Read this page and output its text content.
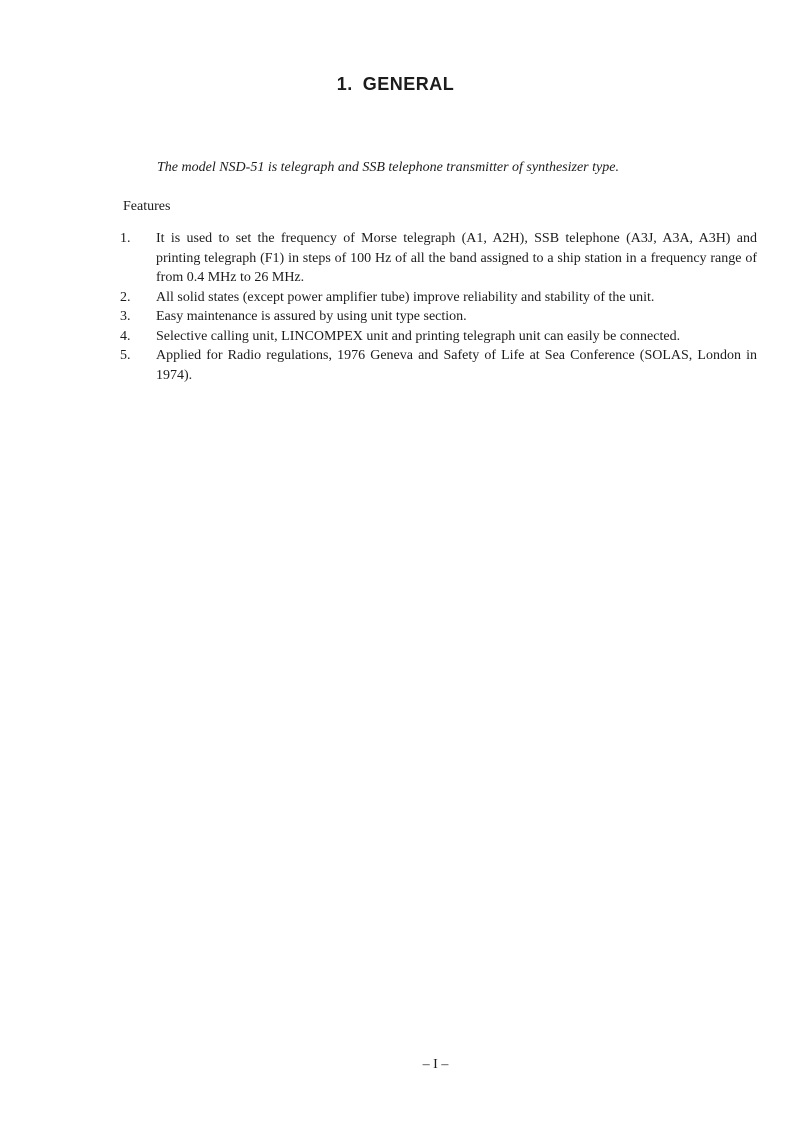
1. GENERAL
The model NSD-51 is telegraph and SSB telephone transmitter of synthesizer type.
Features
1.	It is used to set the frequency of Morse telegraph (A1, A2H), SSB telephone (A3J, A3A, A3H) and printing telegraph (F1) in steps of 100 Hz of all the band assigned to a ship station in a frequency range of from 0.4 MHz to 26 MHz.
2.	All solid states (except power amplifier tube) improve reliability and stability of the unit.
3.	Easy maintenance is assured by using unit type section.
4.	Selective calling unit, LINCOMPEX unit and printing telegraph unit can easily be connected.
5.	Applied for Radio regulations, 1976 Geneva and Safety of Life at Sea Conference (SOLAS, London in 1974).
– I –
